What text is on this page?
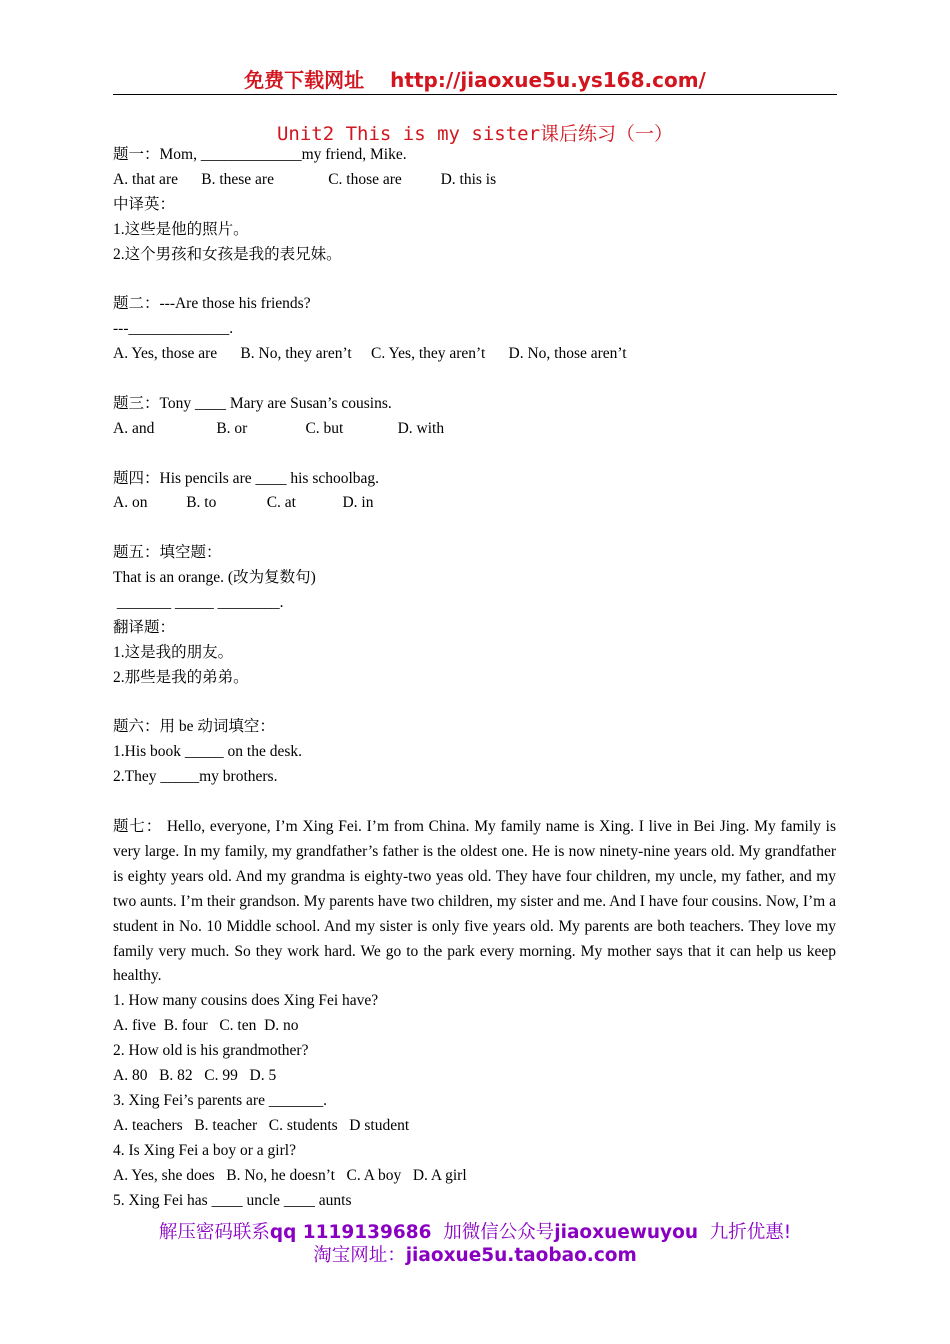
免费下载网址 http://jiaoxue5u.ys168.com/
Unit2 This is my sister课后练习（一）
题一：Mom, _____________my friend, Mike.
A. that are      B. these are              C. those are          D. this is
中译英：
1.这些是他的照片。
2.这个男孩和女孩是我的表兄妹。
题二：---Are those his friends?
---_____________.
A. Yes, those are      B. No, they aren’t     C. Yes, they aren’t      D. No, those aren’t
题三：Tony ____ Mary are Susan’s cousins.
A. and                B. or               C. but              D. with
题四：His pencils are ____ his schoolbag.
A. on          B. to             C. at            D. in
题五：填空题：
That is an orange. (改为复数句)
_______ _____ ________.
翻译题：
1.这是我的朋友。
2.那些是我的弟弟。
题六：用 be 动词填空：
1.His book _____ on the desk.
2.They _____my brothers.

题七： Hello, everyone, I’m Xing Fei. I’m from China. My family name is Xing. I live in Bei Jing. My family is very large. In my family, my grandfather’s father is the oldest one. He is now ninety-nine years old. My grandfather is eighty years old. And my grandma is eighty-two yeas old. They have four children, my uncle, my father, and my two aunts. I’m their grandson. My parents have two children, my sister and me. And I have four cousins. Now, I’m a student in No. 10 Middle school. And my sister is only five years old. My parents are both teachers. They love my family very much. So they work hard. We go to the park every morning. My mother says that it can help us keep healthy.

1. How many cousins does Xing Fei have?
A. five  B. four   C. ten  D. no
2. How old is his grandmother?
A. 80   B. 82   C. 99   D. 5
3. Xing Fei’s parents are _______.
A. teachers   B. teacher   C. students   D student
4. Is Xing Fei a boy or a girl?
A. Yes, she does   B. No, he doesn’t   C. A boy   D. A girl
5. Xing Fei has ____ uncle ____ aunts
解压密码联系qq 1119139686 加微信公众号jiaoxuewuyou 九折优惠!
淘宝网址：jiaoxue5u.taobao.com
